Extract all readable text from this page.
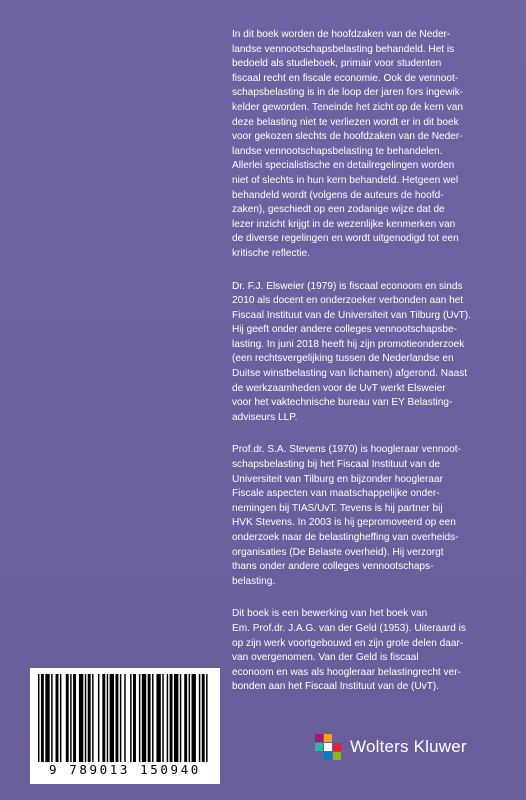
In dit boek worden de hoofdzaken van de Neder-
landse vennootschapsbelasting behandeld. Het is
bedoeld als studieboek, primair voor studenten
fiscaal recht en fiscale economie. Ook de vennoot-
schapsbelasting is in de loop der jaren fors ingewik-
kelder geworden. Teneinde het zicht op de kern van
deze belasting niet te verliezen wordt er in dit boek
voor gekozen slechts de hoofdzaken van de Neder-
landse vennootschapsbelasting te behandelen.
Allerlei specialistische en detailregelingen worden
niet of slechts in hun kern behandeld. Hetgeen wel
behandeld wordt (volgens de auteurs de hoofd-
zaken), geschiedt op een zodanige wijze dat de
lezer inzicht krijgt in de wezenlijke kenmerken van
de diverse regelingen en wordt uitgenodigd tot een
kritische reflectie.

Dr. F.J. Elsweier (1979) is fiscaal econoom en sinds
2010 als docent en onderzoeker verbonden aan het
Fiscaal Instituut van de Universiteit van Tilburg (UvT).
Hij geeft onder andere colleges vennootschapsbe-
lasting. In juni 2018 heeft hij zijn promotieonderzoek
(een rechtsvergelijking tussen de Nederlandse en
Duitse winstbelasting van lichamen) afgerond. Naast
de werkzaamheden voor de UvT werkt Elsweier
voor het vaktechnische bureau van EY Belasting-
adviseurs LLP.

Prof.dr. S.A. Stevens (1970) is hoogleraar vennoot-
schapsbelasting bij het Fiscaal Instituut van de
Universiteit van Tilburg en bijzonder hoogleraar
Fiscale aspecten van maatschappelijke onder-
nemingen bij TIAS/UvT. Tevens is hij partner bij
HVK Stevens. In 2003 is hij gepromoveerd op een
onderzoek naar de belastingheffing van overheids-
organisaties (De Belaste overheid). Hij verzorgt
thans onder andere colleges vennootschaps-
belasting.

Dit boek is een bewerking van het boek van
Em. Prof.dr. J.A.G. van der Geld (1953). Uiteraard is
op zijn werk voortgebouwd en zijn grote delen daar-
van overgenomen. Van der Geld is fiscaal
econoom en was als hoogleraar belastingrecht ver-
bonden aan het Fiscaal Instituut van de (UvT).

9 789013 150940
Wolters Kluwer
